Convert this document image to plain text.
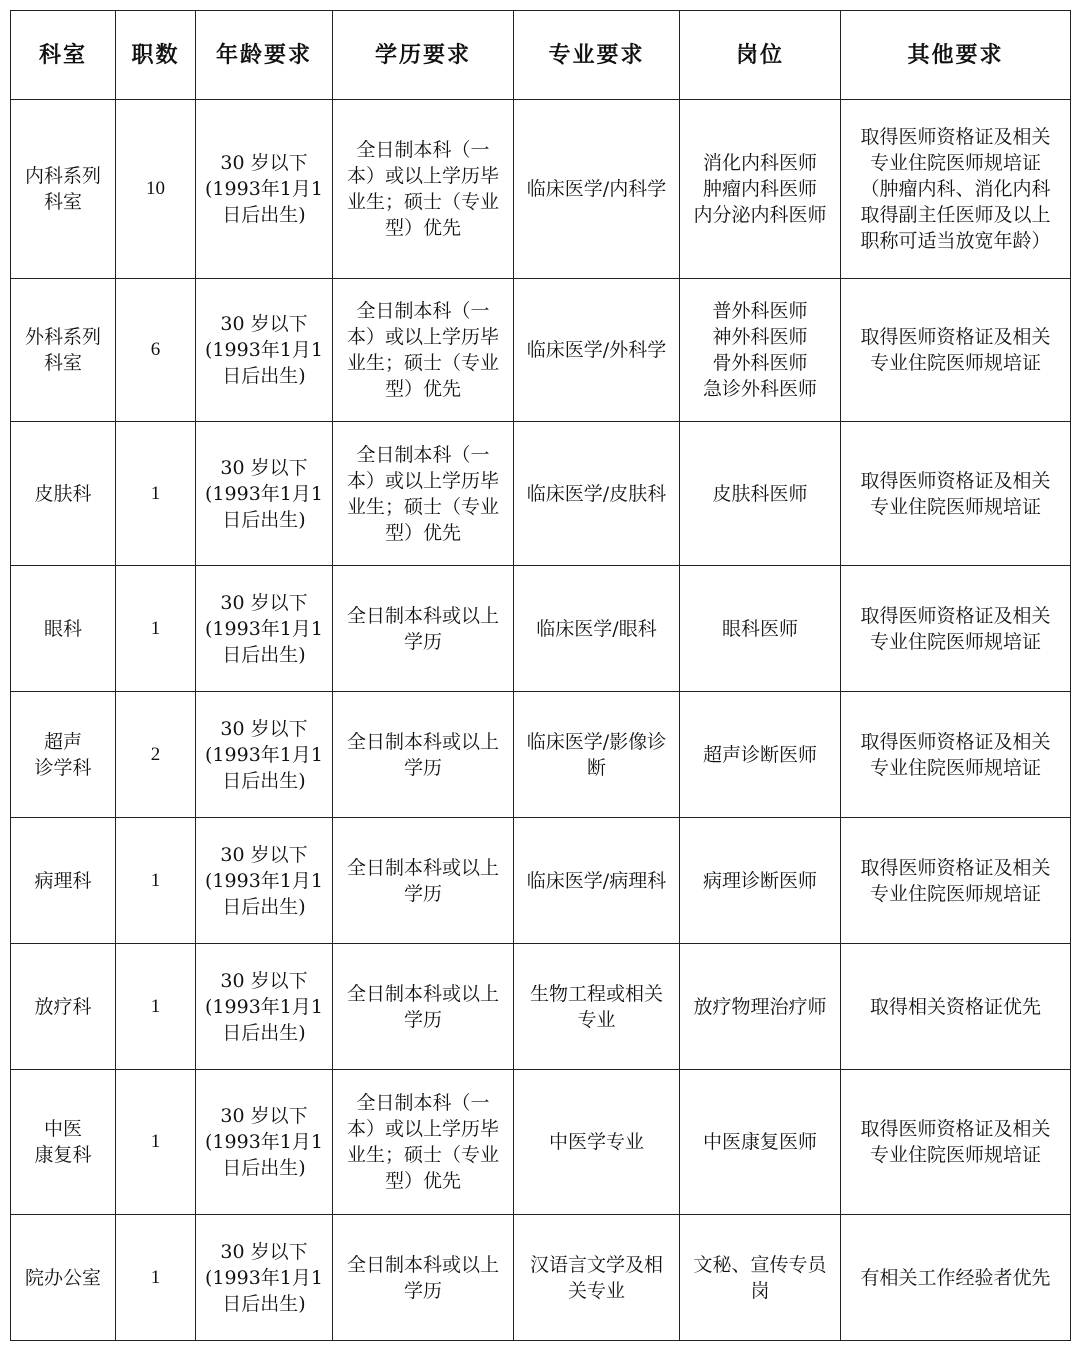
科室	职数	年龄要求	学历要求	专业要求	岗位	其他要求

内科系列
科室	10	30 岁以下
(1993年1月1
日后出生)	全日制本科（一
本）或以上学历毕
业生；硕士（专业
型）优先	临床医学/内科学	消化内科医师
肿瘤内科医师
内分泌内科医师	取得医师资格证及相关
专业住院医师规培证
（肿瘤内科、消化内科
取得副主任医师及以上
职称可适当放宽年龄）

外科系列
科室	6	30 岁以下
(1993年1月1
日后出生)	全日制本科（一
本）或以上学历毕
业生；硕士（专业
型）优先	临床医学/外科学	普外科医师
神外科医师
骨外科医师
急诊外科医师	取得医师资格证及相关
专业住院医师规培证

皮肤科	1	30 岁以下
(1993年1月1
日后出生)	全日制本科（一
本）或以上学历毕
业生；硕士（专业
型）优先	临床医学/皮肤科	皮肤科医师	取得医师资格证及相关
专业住院医师规培证

眼科	1	30 岁以下
(1993年1月1
日后出生)	全日制本科或以上
学历	临床医学/眼科	眼科医师	取得医师资格证及相关
专业住院医师规培证

超声
诊学科	2	30 岁以下
(1993年1月1
日后出生)	全日制本科或以上
学历	临床医学/影像诊
断	超声诊断医师	取得医师资格证及相关
专业住院医师规培证

病理科	1	30 岁以下
(1993年1月1
日后出生)	全日制本科或以上
学历	临床医学/病理科	病理诊断医师	取得医师资格证及相关
专业住院医师规培证

放疗科	1	30 岁以下
(1993年1月1
日后出生)	全日制本科或以上
学历	生物工程或相关
专业	放疗物理治疗师	取得相关资格证优先

中医
康复科	1	30 岁以下
(1993年1月1
日后出生)	全日制本科（一
本）或以上学历毕
业生；硕士（专业
型）优先	中医学专业	中医康复医师	取得医师资格证及相关
专业住院医师规培证

院办公室	1	30 岁以下
(1993年1月1
日后出生)	全日制本科或以上
学历	汉语言文学及相
关专业	文秘、宣传专员
岗	有相关工作经验者优先
